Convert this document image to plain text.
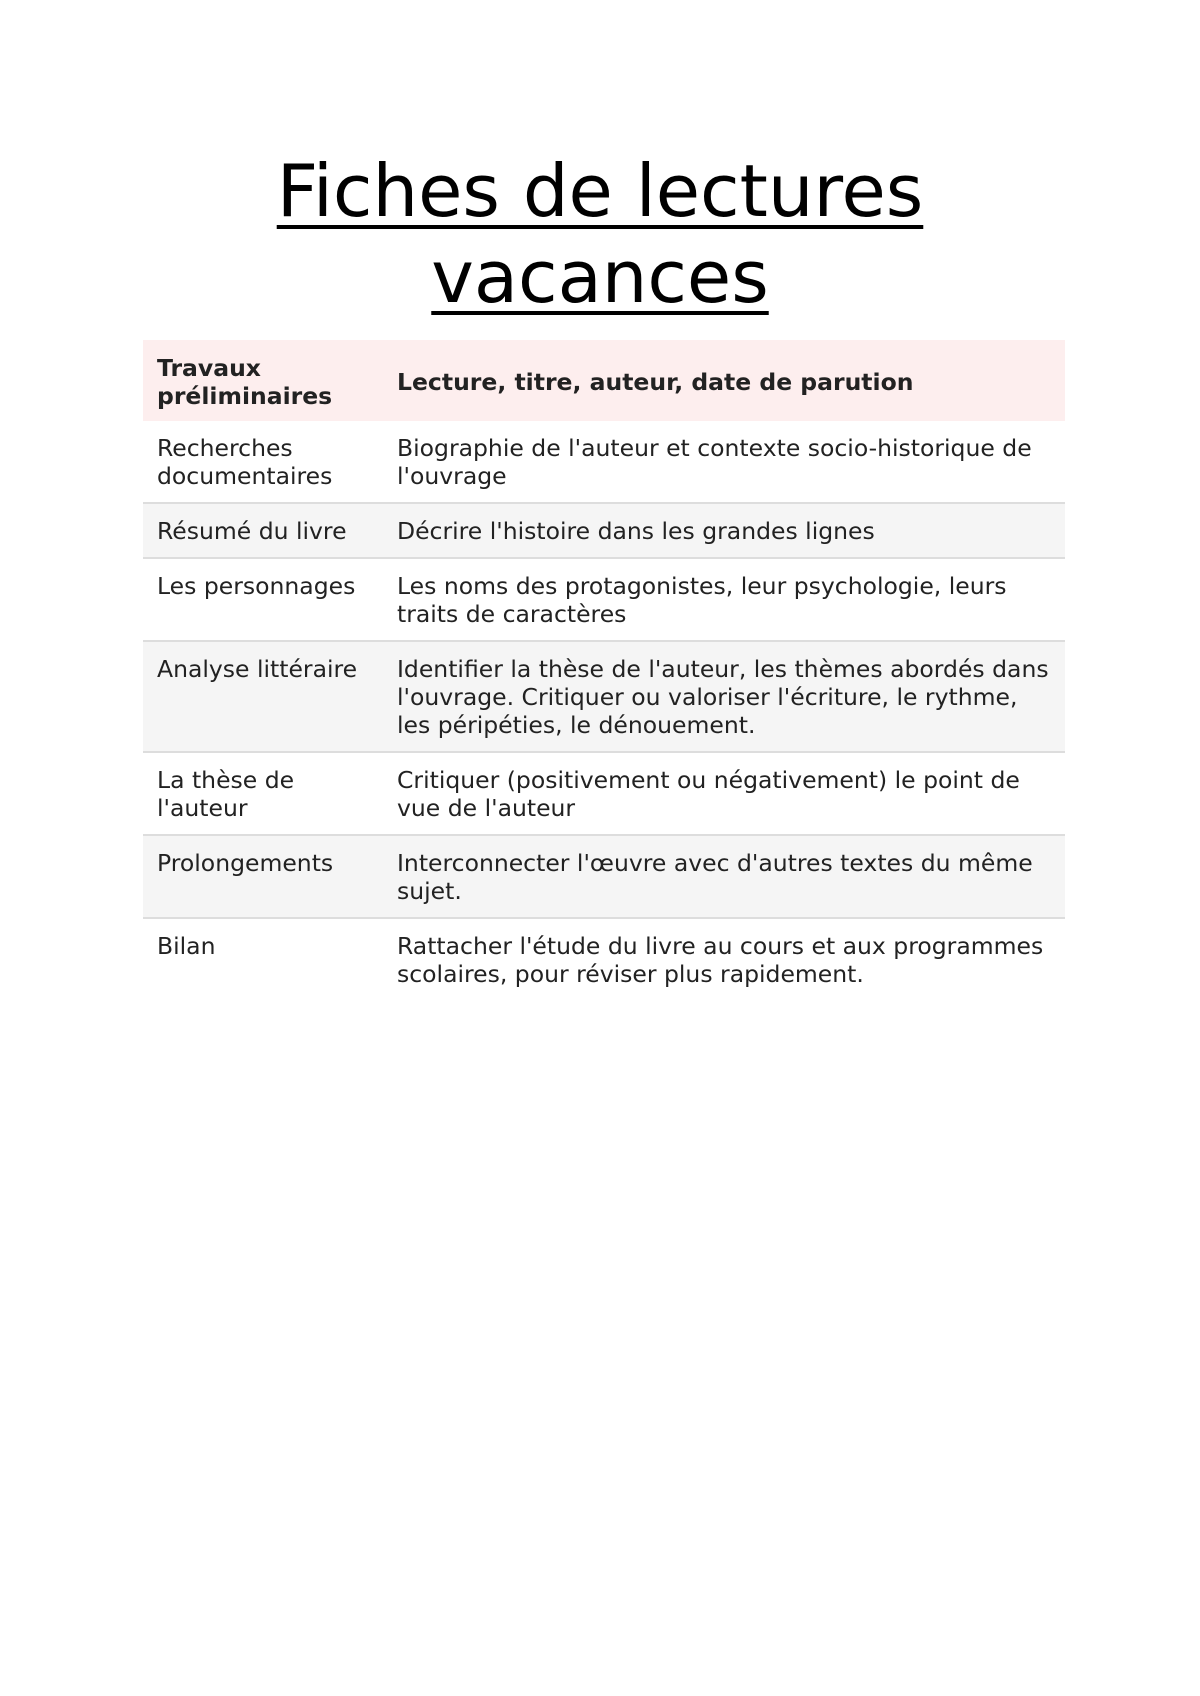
Fiches de lectures
vacances
Travaux préliminaires	Lecture, titre, auteur, date de parution
Recherches documentaires	Biographie de l'auteur et contexte socio-historique de l'ouvrage
Résumé du livre	Décrire l'histoire dans les grandes lignes
Les personnages	Les noms des protagonistes, leur psychologie, leurs traits de caractères
Analyse littéraire	Identifier la thèse de l'auteur, les thèmes abordés dans l'ouvrage. Critiquer ou valoriser l'écriture, le rythme, les péripéties, le dénouement.
La thèse de l'auteur	Critiquer (positivement ou négativement) le point de vue de l'auteur
Prolongements	Interconnecter l'œuvre avec d'autres textes du même sujet.
Bilan	Rattacher l'étude du livre au cours et aux programmes scolaires, pour réviser plus rapidement.
